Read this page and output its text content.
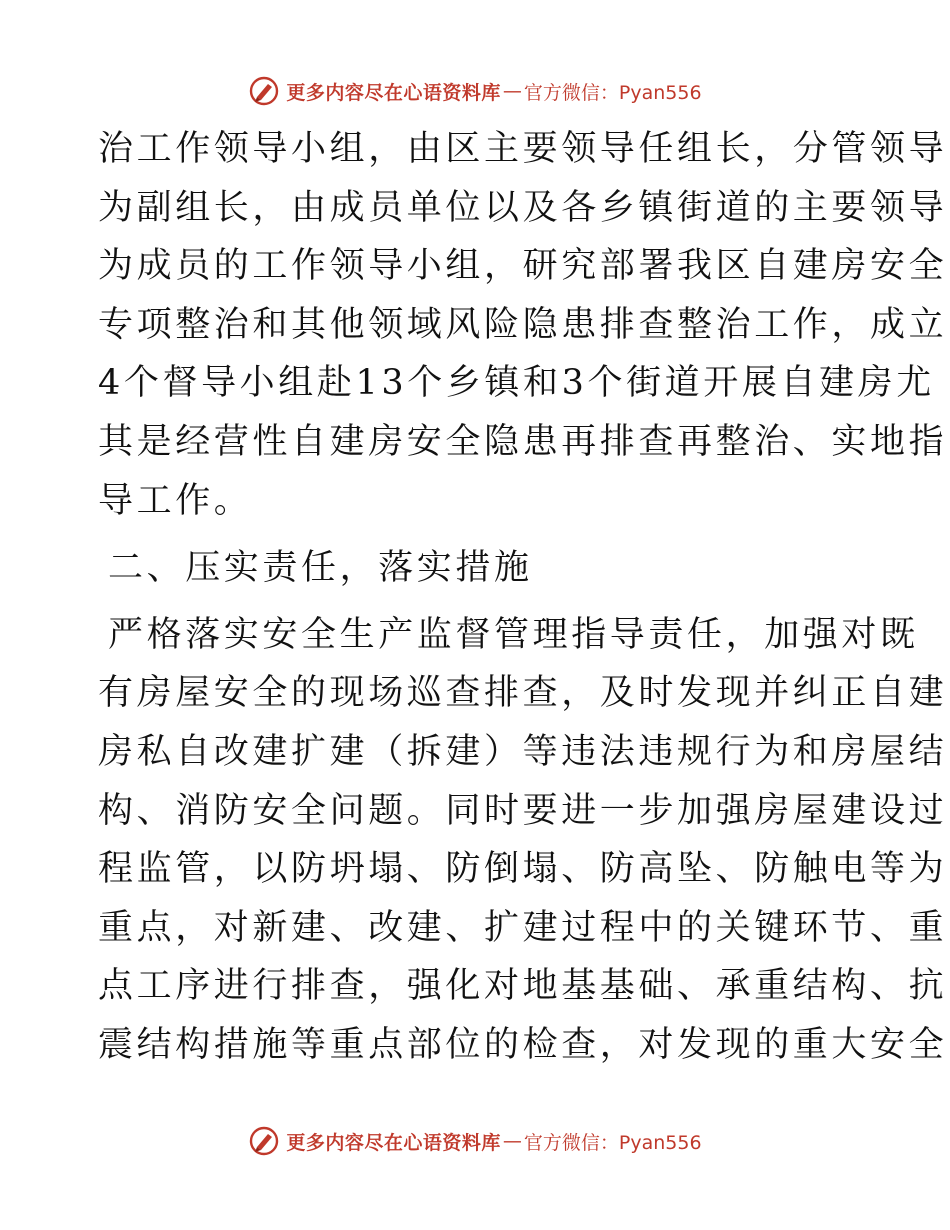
更多内容尽在心语资料库 — 官方微信：Pyan556
治工作领导小组，由区主要领导任组长，分管领导
为副组长，由成员单位以及各乡镇街道的主要领导
为成员的工作领导小组，研究部署我区自建房安全
专项整治和其他领域风险隐患排查整治工作，成立
4个督导小组赴13个乡镇和3个街道开展自建房尤
其是经营性自建房安全隐患再排查再整治、实地指
导工作。
二、压实责任，落实措施
严格落实安全生产监督管理指导责任，加强对既
有房屋安全的现场巡查排查，及时发现并纠正自建
房私自改建扩建（拆建）等违法违规行为和房屋结
构、消防安全问题。同时要进一步加强房屋建设过
程监管，以防坍塌、防倒塌、防高坠、防触电等为
重点，对新建、改建、扩建过程中的关键环节、重
点工序进行排查，强化对地基基础、承重结构、抗
震结构措施等重点部位的检查，对发现的重大安全
更多内容尽在心语资料库 — 官方微信：Pyan556
